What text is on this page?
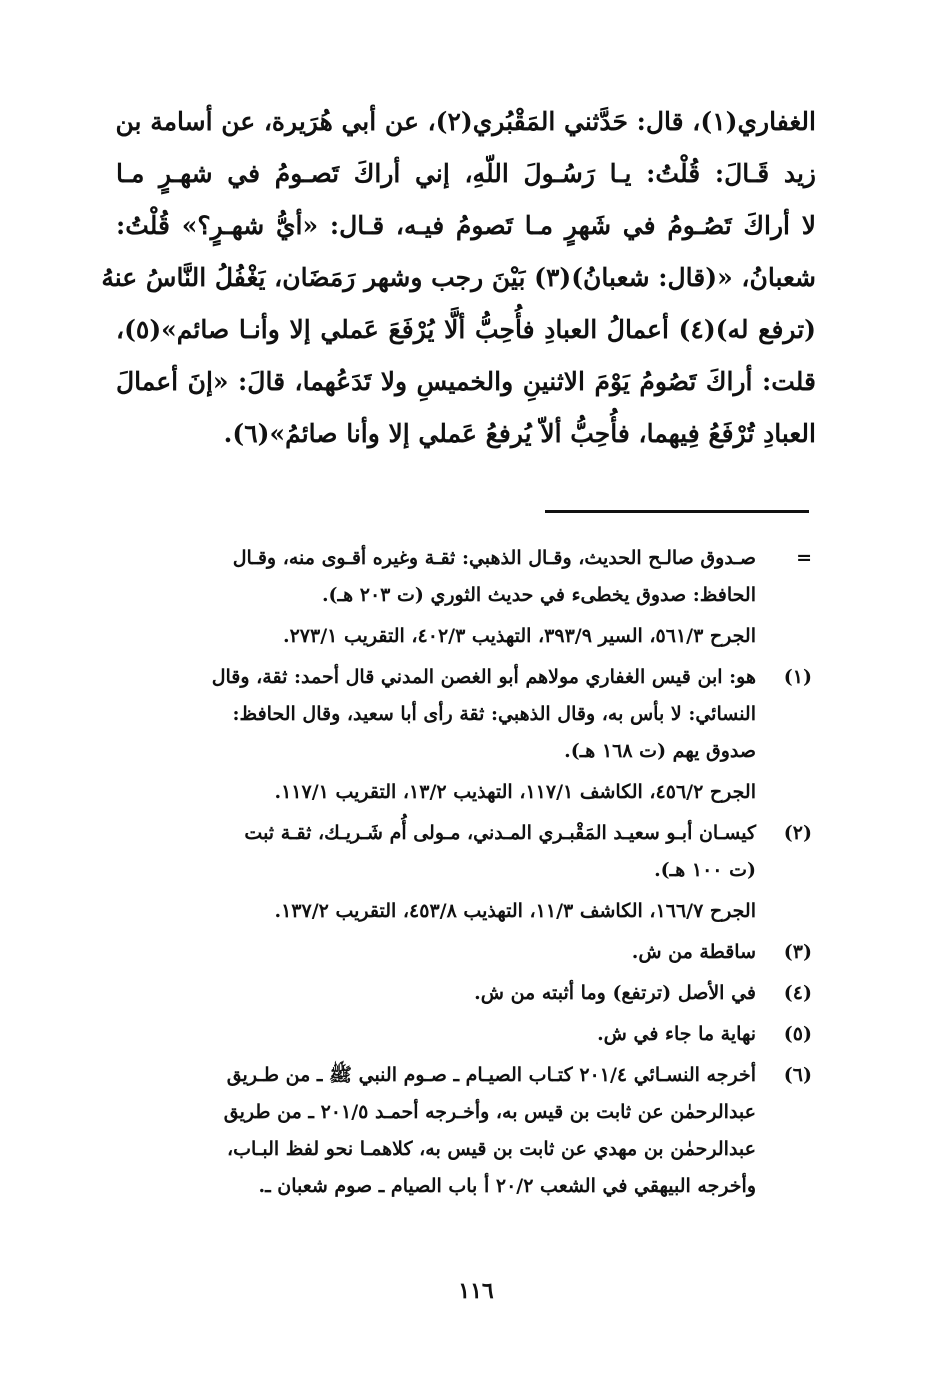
الغفاري(١)، قال: حَدَّثني المَقْبُري(٢)، عن أبي هُرَيرة، عن أسامة بن
زيد قَـالَ: قُلْتُ: يـا رَسُـولَ اللّهِ، إني أراكَ تَصـومُ في شهـرٍ مـا
لا أراكَ تَصُـومُ في شَهرٍ مـا تَصومُ فيـه، قـال: «أيُّ شهـرٍ؟» قُلْتُ:
شعبانُ، «(قال: شعبانُ)(٣) بَيْنَ رجب وشهر رَمَضَان، يَغْفُلُ النَّاسُ عنهُ
(ترفع له)(٤) أعمالُ العبادِ فأُحِبُّ ألَّا يُرْفَعَ عَملي إلا وأنـا صائم»(٥)،
قلت: أراكَ تَصُومُ يَوْمَ الاثنينِ والخميسِ ولا تَدَعُهما، قالَ: «إنَ أعمالَ
العبادِ تُرْفَعُ فِيهما، فأُحِبُّ ألاّ يُرفعُ عَملي إلا وأنا صائمُ»(٦).
=
صـدوق صالـح الحديث، وقـال الذهبي: ثقـة وغيره أقـوى منه، وقـال
الحافظ: صدوق يخطىء في حديث الثوري (ت ٢٠٣ هـ).
الجرح ٥٦١/٣، السير ٣٩٣/٩، التهذيب ٤٠٢/٣، التقريب ٢٧٣/١.
(١)
هو: ابن قيس الغفاري مولاهم أبو الغصن المدني قال أحمد: ثقة، وقال
النسائي: لا بأس به، وقال الذهبي: ثقة رأى أبا سعيد، وقال الحافظ:
صدوق يهم (ت ١٦٨ هـ).
الجرح ٤٥٦/٢، الكاشف ١١٧/١، التهذيب ١٣/٢، التقريب ١١٧/١.
(٢)
كيسـان أبـو سعيـد المَقْبـري المـدني، مـولى أُم شَـريـك، ثقـة ثبت
(ت ١٠٠ هـ).
الجرح ١٦٦/٧، الكاشف ١١/٣، التهذيب ٤٥٣/٨، التقريب ١٣٧/٢.
(٣)
ساقطة من ش.
(٤)
في الأصل (ترتفع) وما أثبته من ش.
(٥)
نهاية ما جاء في ش.
(٦)
أخرجه النسـائي ٢٠١/٤ كتـاب الصيـام ـ صـوم النبي ﷺ ـ من طـريق
عبدالرحمٰن عن ثابت بن قيس به، وأخـرجه أحمـد ٢٠١/٥ ـ من طريق
عبدالرحمٰن بن مهدي عن ثابت بن قيس به، كلاهمـا نحو لفظ البـاب،
وأخرجه البيهقي في الشعب ٢٠/٢ أ باب الصيام ـ صوم شعبان ـ.
١١٦
